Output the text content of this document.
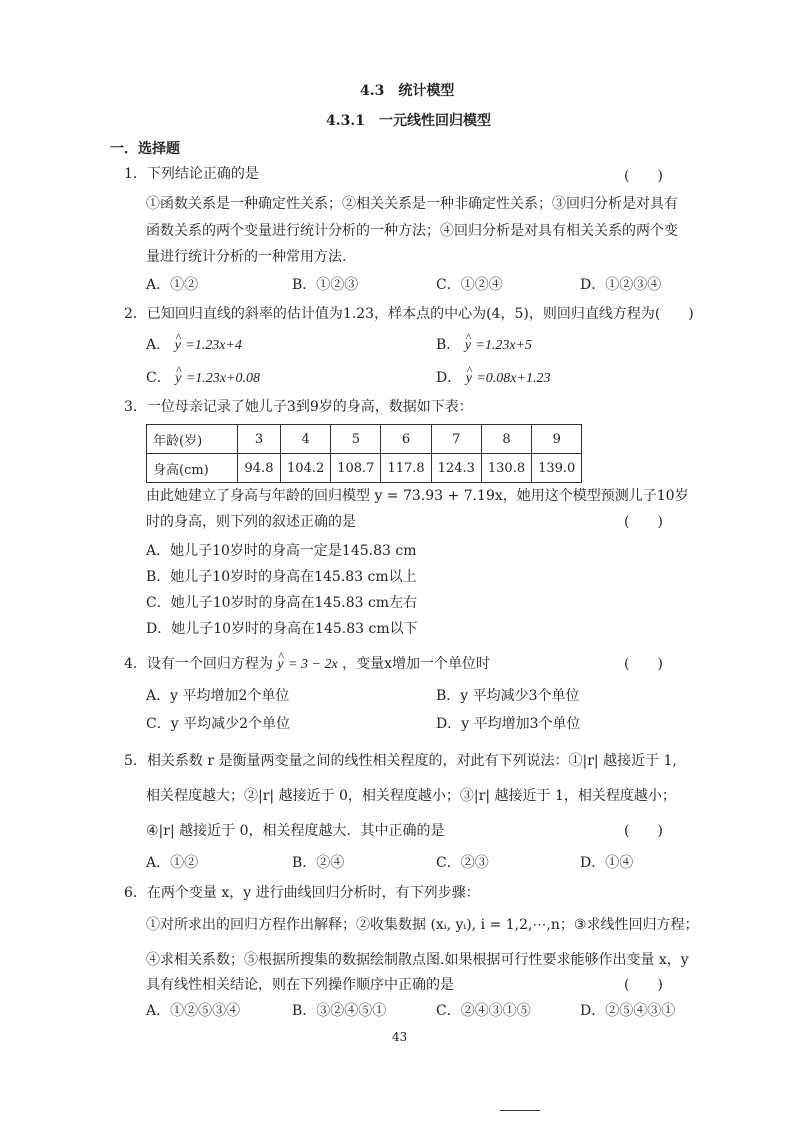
4.3　统计模型
4.3.1　一元线性回归模型
一．选择题
1．下列结论正确的是	(　　)
①函数关系是一种确定性关系；②相关关系是一种非确定性关系；③回归分析是对具有
函数关系的两个变量进行统计分析的一种方法；④回归分析是对具有相关关系的两个变
量进行统计分析的一种常用方法.
A．①②	B．①②③	C．①②④	D．①②③④
2．已知回归直线的斜率的估计值为1.23，样本点的中心为(4，5)，则回归直线方程为(　　)
A． ^ y =1.23x+4	B． ^ y =1.23x+5
C． ^ y =1.23x+0.08	D． ^ y =0.08x+1.23
3．一位母亲记录了她儿子3到9岁的身高，数据如下表：
年龄(岁)	3	4	5	6	7	8	9
身高(cm)	94.8	104.2	108.7	117.8	124.3	130.8	139.0
由此她建立了身高与年龄的回归模型 y = 73.93 + 7.19x，她用这个模型预测儿子10岁
时的身高，则下列的叙述正确的是	(　　)
A．她儿子10岁时的身高一定是145.83 cm
B．她儿子10岁时的身高在145.83 cm以上
C．她儿子10岁时的身高在145.83 cm左右
D．她儿子10岁时的身高在145.83 cm以下
4．设有一个回归方程为 ^ y = 3 − 2x ，变量x增加一个单位时	(　　)
A．y 平均增加2个单位	B．y 平均减少3个单位
C．y 平均减少2个单位	D．y 平均增加3个单位
5．相关系数 r 是衡量两变量之间的线性相关程度的，对此有下列说法：①|r| 越接近于 1,
相关程度越大；②|r| 越接近于 0，相关程度越小；③|r| 越接近于 1，相关程度越小；
④|r| 越接近于 0，相关程度越大．其中正确的是	(　　)
A．①②	B．②④	C．②③	D．①④
6．在两个变量 x，y 进行曲线回归分析时，有下列步骤：
①对所求出的回归方程作出解释；②收集数据 (xᵢ, yᵢ), i = 1,2,⋯,n；③求线性回归方程；
④求相关系数；⑤根据所搜集的数据绘制散点图.如果根据可行性要求能够作出变量 x，y
具有线性相关结论，则在下列操作顺序中正确的是	(　　)
A．①②⑤③④	B．③②④⑤①	C．②④③①⑤	D．②⑤④③①
43
